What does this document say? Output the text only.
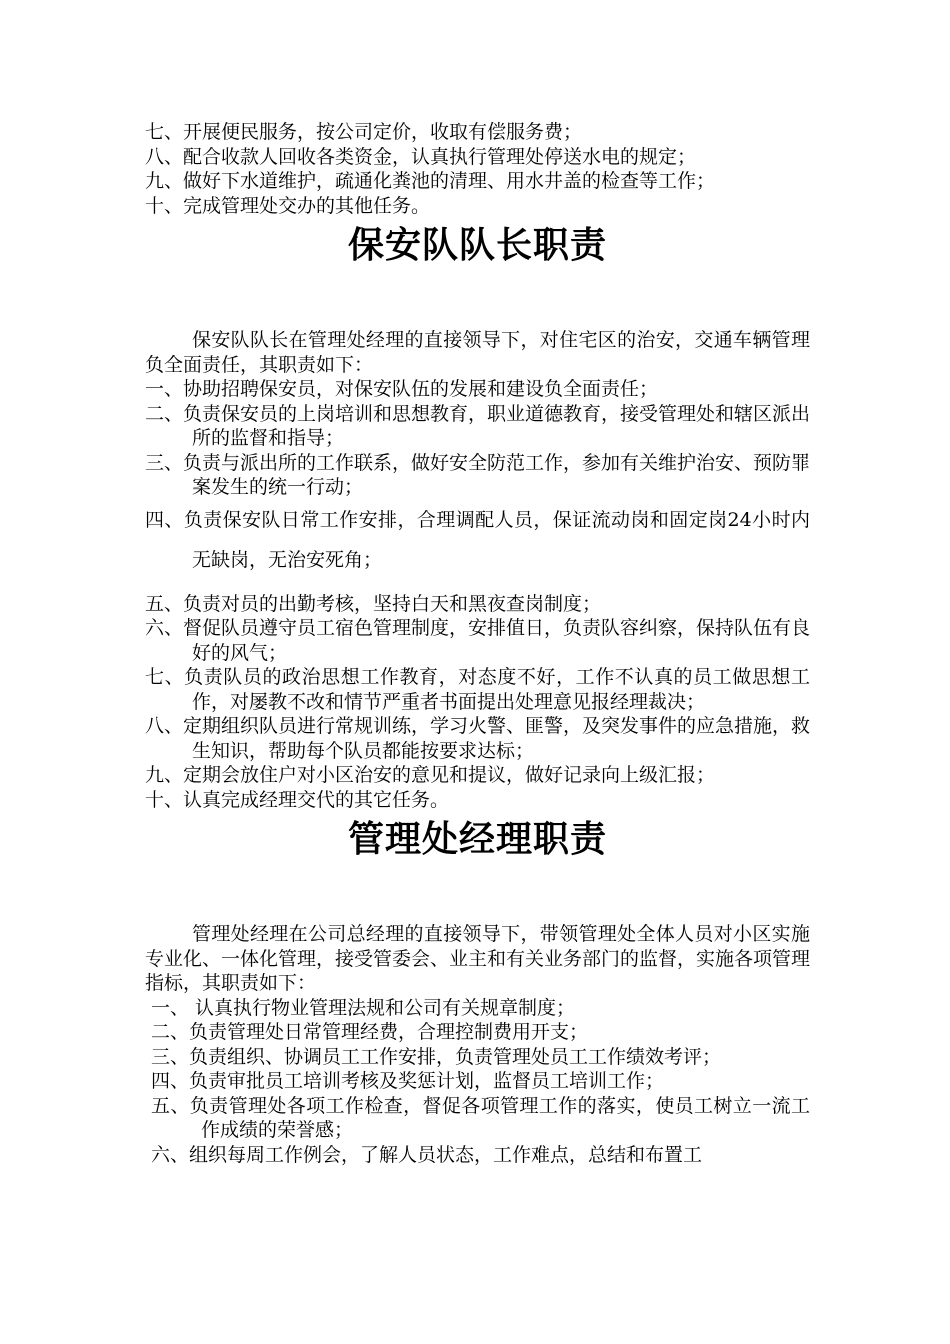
七、开展便民服务，按公司定价，收取有偿服务费；
八、配合收款人回收各类资金，认真执行管理处停送水电的规定；
九、做好下水道维护，疏通化粪池的清理、用水井盖的检查等工作；
十、完成管理处交办的其他任务。
保安队队长职责
保安队队长在管理处经理的直接领导下，对住宅区的治安，交通车辆管理负全面责任，其职责如下：
一、协助招聘保安员，对保安队伍的发展和建设负全面责任；
二、负责保安员的上岗培训和思想教育，职业道德教育，接受管理处和辖区派出所的监督和指导；
三、负责与派出所的工作联系，做好安全防范工作，参加有关维护治安、预防罪案发生的统一行动；
四、负责保安队日常工作安排，合理调配人员，保证流动岗和固定岗24小时内无缺岗，无治安死角；
五、负责对员的出勤考核，坚持白天和黑夜查岗制度；
六、督促队员遵守员工宿色管理制度，安排值日，负责队容纠察，保持队伍有良好的风气；
七、负责队员的政治思想工作教育，对态度不好，工作不认真的员工做思想工作，对屡教不改和情节严重者书面提出处理意见报经理裁决；
八、定期组织队员进行常规训练，学习火警、匪警，及突发事件的应急措施，救生知识，帮助每个队员都能按要求达标；
九、定期会放住户对小区治安的意见和提议，做好记录向上级汇报；
十、认真完成经理交代的其它任务。
管理处经理职责
管理处经理在公司总经理的直接领导下，带领管理处全体人员对小区实施专业化、一体化管理，接受管委会、业主和有关业务部门的监督，实施各项管理指标，其职责如下：
一、 认真执行物业管理法规和公司有关规章制度；
二、负责管理处日常管理经费，合理控制费用开支；
三、负责组织、协调员工工作安排，负责管理处员工工作绩效考评；
四、负责审批员工培训考核及奖惩计划，监督员工培训工作；
五、负责管理处各项工作检查，督促各项管理工作的落实，使员工树立一流工作成绩的荣誉感；
六、组织每周工作例会，了解人员状态，工作难点，总结和布置工
